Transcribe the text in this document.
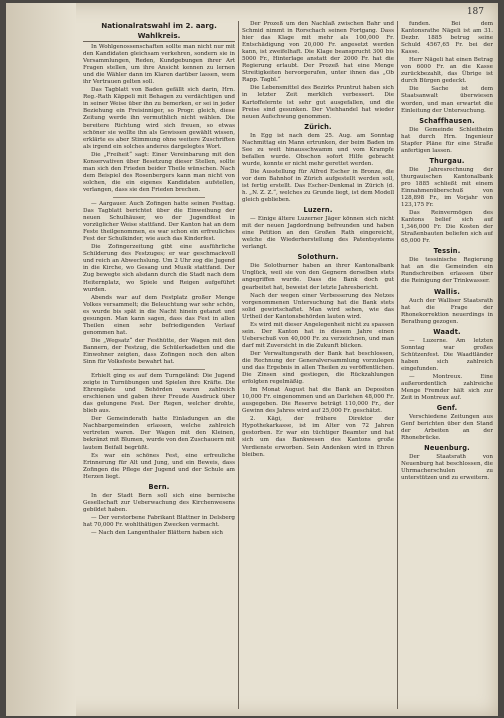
187
Nationalratswahl im 2. aarg. Wahlkreis.

In Wohlgenossenschaften sollte man nicht nur mit den Kandidaten gleichsam verkehren, sondern sie in Versammlungen, Reden, Kundgebungen ihrer Art Fragen stellen, um ihre Ansicht kennen zu lernen und die Wähler dann im Klaren darüber lassen, wem ihr Vertrauen gelten soll.

Das Tagblatt von Baden gefällt sich darin, Hrn. Reg.-Rath Käppeli mit Behagen zu verdächtigen und in seiner Weise über ihn zu bemerken, er sei in jeder Beziehung ein Freisinniger, so Progr. gleich, diese Zeitung werde ihn vermuthlich nicht wählen. Die bereitere Richtung wird sich freuen, so etwas schöner sie wollte ihn als Gewissen gewählt wissen, erklärte es aber Stimmung ohne weitere Zuschriften als irgend ein solches anderes dargelegtes Wort.

Die „Freiheit“ sagt: Einer Vereinbarung mit den Konservativen über Besetzung dieser Stellen, sollte man sich den Frieden beider Theile wünschen. Nach dem Beispiel des Rosenbergers kann man nicht von solchen, die ein eigenes Kandidaten aufstellen, verlangen, dass sie den Frieden brechen.

— Aargauer. Auch Zofingen hatte seinen Festtag. Das Tagblatt berichtet über die Einweihung der neuen Schulhäuser, wo der Jugendfest in vorzüglicher Weise stattfand. Der Kanton hat an dem Feste theilgenommen, es war schon ein erfreuliches Fest der Schulkinder, wie auch das Kinderfest.

Die Zofingerzeitung gibt eine ausführliche Schilderung des Festzuges; er war geschmackvoll und reich an Abwechslung. Um 2 Uhr zog die Jugend in die Kirche, wo Gesang und Musik stattfand. Der Zug bewegte sich alsdann durch die Stadt nach dem Heiternplatz, wo Spiele und Reigen aufgeführt wurden.

Abends war auf dem Festplatz großer Menge Volkes versammelt; die Beleuchtung war sehr schön, es wurde bis spät in die Nacht hinein getanzt und gesungen. Man kann sagen, dass das Fest in allen Theilen einen sehr befriedigenden Verlauf genommen hat.

Die „Wegsatz“ der Festhütte, der Wagen mit den Bannern, der Festzug, die Schülerkadetten und die Einwohner zeigten, dass Zofingen noch den alten Sinn für Volksfeste bewahrt hat.

Erhielt ging es auf dem Turngeländ: Die Jugend zeigte in Turnübungen und Spielen ihre Kräfte. Die Ehrengäste und Behörden waren zahlreich erschienen und gaben ihrer Freude Ausdruck über das gelungene Fest. Der Regen, welcher drohte, blieb aus.

Der Gemeinderath hatte Einladungen an die Nachbargemeinden erlassen, welche zahlreich vertreten waren. Der Wagen mit den Kleinen, bekränzt mit Blumen, wurde von den Zuschauern mit lautem Beifall begrüßt.

Es war ein schönes Fest, eine erfreuliche Erinnerung für Alt und Jung, und ein Beweis, dass Zofingen die Pflege der Jugend und der Schule am Herzen liegt.

Bern.

In der Stadt Bern soll sich eine bernische Gesellschaft zur Ueberwachung des Kirchenwesens gebildet haben.

— Der verstorbene Fabrikant Blattner in Delsberg hat 70,000 Fr. wohlthätigen Zwecken vermacht.

— Nach den Langenthaler Blättern haben sich

Der Prozeß um den Nachlaß zwischen Bahr und Schmid nimmt in Rorschach seinen Fortgang. Dass hier das Klage mit mehr als 100,000 Fr. Entschädigung von 20,000 Fr. angesetzt werden kann, ist zweifelhaft. Die Klage beansprucht 300 bis 5000 Fr., Hinterlage anstatt der 2000 Fr. hat die Regierung erlaubt. Der Prozeß hat eine Menge Streitigkeiten hervorgerufen, unter ihnen das „Ob Rapp. Tagbl.“

Die Lebensmittel des Bezirks Pruntrut haben sich in letzter Zeit merklich verbessert. Die Kartoffelernte ist sehr gut ausgefallen, und die Preise sind gesunken. Der Viehhandel hat wieder neuen Aufschwung genommen.

Zürich.

In Egg ist nach dem 25. Aug. am Sonntag Nachmittag ein Mann ertrunken, der beim Baden im See zu weit hinausschwamm und vom Krampfe befallen wurde. Obschon sofort Hilfe gebracht wurde, konnte er nicht mehr gerettet werden.

Die Ausstellung für Alfred Escher in Bronze, die vor dem Bahnhof in Zürich aufgestellt werden soll, ist fertig erstellt. Das Escher-Denkmal in Zürich (d. h. „N. Z. Z.“, welches zu Grunde liegt, ist dem Modell gleich geblieben.

Luzern.

— Einige ältere Luzerner Jäger können sich nicht mit der neuen Jagdordnung befreunden und haben eine Petition an den Großen Rath eingereicht, welche die Wiederherstellung des Patentsystems verlangt.

Solothurn.

Die Solothurner haben an ihrer Kantonalbank Unglück, weil sie von den Gegnern derselben stets angegriffen wurde. Dass die Bank doch gut gearbeitet hat, beweist der letzte Jahresbericht.

Nach der wegen einer Verbesserung des Netzes vorgenommenen Untersuchung hat die Bank stets solid gewirtschaftet. Man wird sehen, wie das Urtheil der Kantonsbehörden lauten wird.

Es wird mit dieser Angelegenheit nicht zu spassen sein. Der Kanton hat in diesem Jahre einen Ueberschuß von 40,000 Fr. zu verzeichnen, und man darf mit Zuversicht in die Zukunft blicken.

Der Verwaltungsrath der Bank hat beschlossen, die Rechnung der Generalversammlung vorzulegen und das Ergebnis in allen Theilen zu veröffentlichen. Die Zinsen sind gestiegen, die Rückzahlungen erfolgten regelmäßig.

Im Monat August hat die Bank an Depositen 10,000 Fr. eingenommen und an Darlehen 48,000 Fr. ausgegeben. Die Reserve beträgt 110,000 Fr., der Gewinn des Jahres wird auf 25,000 Fr. geschätzt.

2. Kägi, der frühere Direktor der Hypothekarkasse, ist im Alter von 72 Jahren gestorben. Er war ein tüchtiger Beamter und hat sich um das Bankwesen des Kantons große Verdienste erworben. Sein Andenken wird in Ehren bleiben.

funden. Bei dem Kantonsrathe Nägeli ist am 31. Dezbr. 1885 betrug seine Schuld 4567,65 Fr. bei der Kasse.

Herr Nägeli hat einen Betrag von 6000 Fr. an die Kasse zurückbezahlt, das Übrige ist durch Bürgen gedeckt.

Die Sache ist dem Staatsanwalt überwiesen worden, und man erwartet die Einleitung der Untersuchung.

Schaffhausen.

Die Gemeinde Schleitheim hat durch Hrn. Ingenieur Stapfer Pläne für eine Straße anfertigen lassen.

Thurgau.

Die Jahresrechnung der thurgauischen Kantonalbank pro 1885 schließt mit einem Einnahmenüberschuß von 128,898 Fr., im Vorjahr von 123,175 Fr.

Das Reinvermögen des Kantons belief sich auf 1,346,000 Fr. Die Kosten der Straßenbauten beliefen sich auf 65,000 Fr.

Tessin.

Die tessinische Regierung hat an die Gemeinden ein Rundschreiben erlassen über die Reinigung der Trinkwasser.

Wallis.

Auch der Walliser Staatsrath hat die Frage der Rhonekorrektion neuerdings in Berathung gezogen.

Waadt.

— Luzerne. Am letzten Sonntag war großes Schützenfest. Die Waadtländer haben sich zahlreich eingefunden.

— Montreux. Eine außerordentlich zahlreiche Menge Fremder hält sich zur Zeit in Montreux auf.

Genf.

Verschiedene Zeitungen aus Genf berichten über den Stand der Arbeiten an der Rhonebrücke.

Neuenburg.

Der Staatsrath von Neuenburg hat beschlossen, die Uhrmacherschulen zu unterstützen und zu erweitern.
